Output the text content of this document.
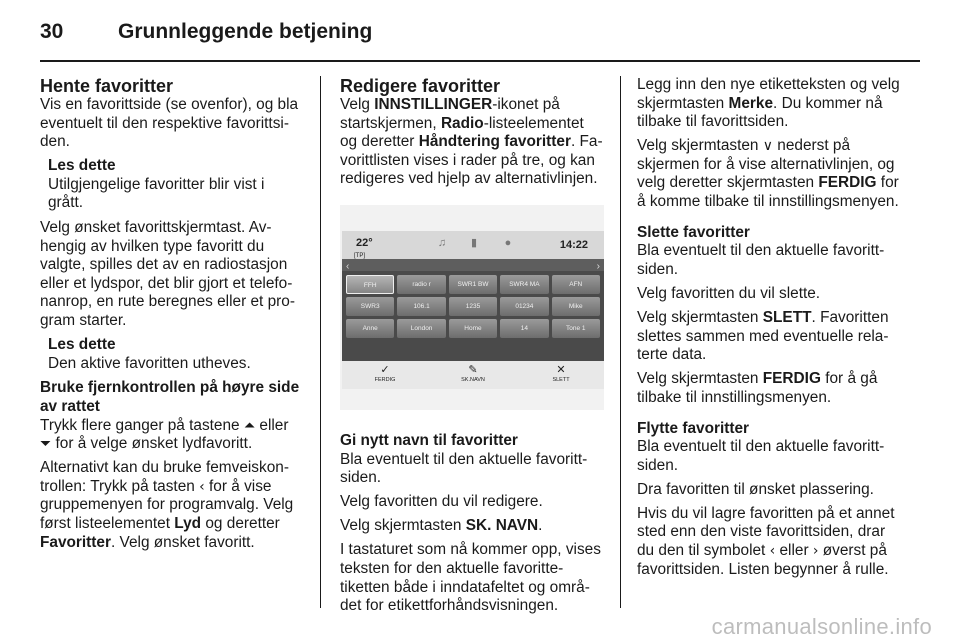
30	Grunnleggende betjening
Hente favoritter

Vis en favorittside (se ovenfor), og bla eventuelt til den respektive favorittsiden.

Les dette
Utilgjengelige favoritter blir vist i grått.

Velg ønsket favorittskjermtast. Avhengig av hvilken type favoritt du valgte, spilles det av en radiostasjon eller et lydspor, det blir gjort et telefonanrop, en rute beregnes eller et program starter.

Les dette
Den aktive favoritten utheves.
Bruke fjernkontrollen på høyre side av rattet

Trykk flere ganger på tastene ⏶ eller ⏷ for å velge ønsket lydfavoritt.

Alternativt kan du bruke femveiskontrollen: Trykk på tasten ‹ for å vise gruppemenyen for programvalg. Velg først listeelementet Lyd og deretter Favoritter. Velg ønsket favoritt.

Redigere favoritter

Velg INNSTILLINGER-ikonet på startskjermen, Radio-listeelementet og deretter Håndtering favoritter. Favorittlisten vises i rader på tre, og kan redigeres ved hjelp av alternativlinjen.

22°
[TP]
♫	▮	●	14:22
‹	›
FFH	radio r	SWR1 BW	SWR4 MA	AFN
SWR3	106.1	1235	01234	Mike
Anne	London	Home	14	Tone 1
✓
FERDIG
✎
SK.NAVN
✕
SLETT
Gi nytt navn til favoritter

Bla eventuelt til den aktuelle favorittsiden.

Velg favoritten du vil redigere.

Velg skjermtasten SK. NAVN.

I tastaturet som nå kommer opp, vises teksten for den aktuelle favorittetiketten både i inndatafeltet og området for etikettforhåndsvisningen.

Legg inn den nye etiketteksten og velg skjermtasten Merke. Du kommer nå tilbake til favorittsiden.

Velg skjermtasten ∨ nederst på skjermen for å vise alternativlinjen, og velg deretter skjermtasten FERDIG for å komme tilbake til innstillingsmenyen.

Slette favoritter

Bla eventuelt til den aktuelle favorittsiden.

Velg favoritten du vil slette.

Velg skjermtasten SLETT. Favoritten slettes sammen med eventuelle relaterte data.

Velg skjermtasten FERDIG for å gå tilbake til innstillingsmenyen.

Flytte favoritter

Bla eventuelt til den aktuelle favorittsiden.

Dra favoritten til ønsket plassering.

Hvis du vil lagre favoritten på et annet sted enn den viste favorittsiden, drar du den til symbolet ‹ eller › øverst på favorittsiden. Listen begynner å rulle.

carmanualsonline.info
